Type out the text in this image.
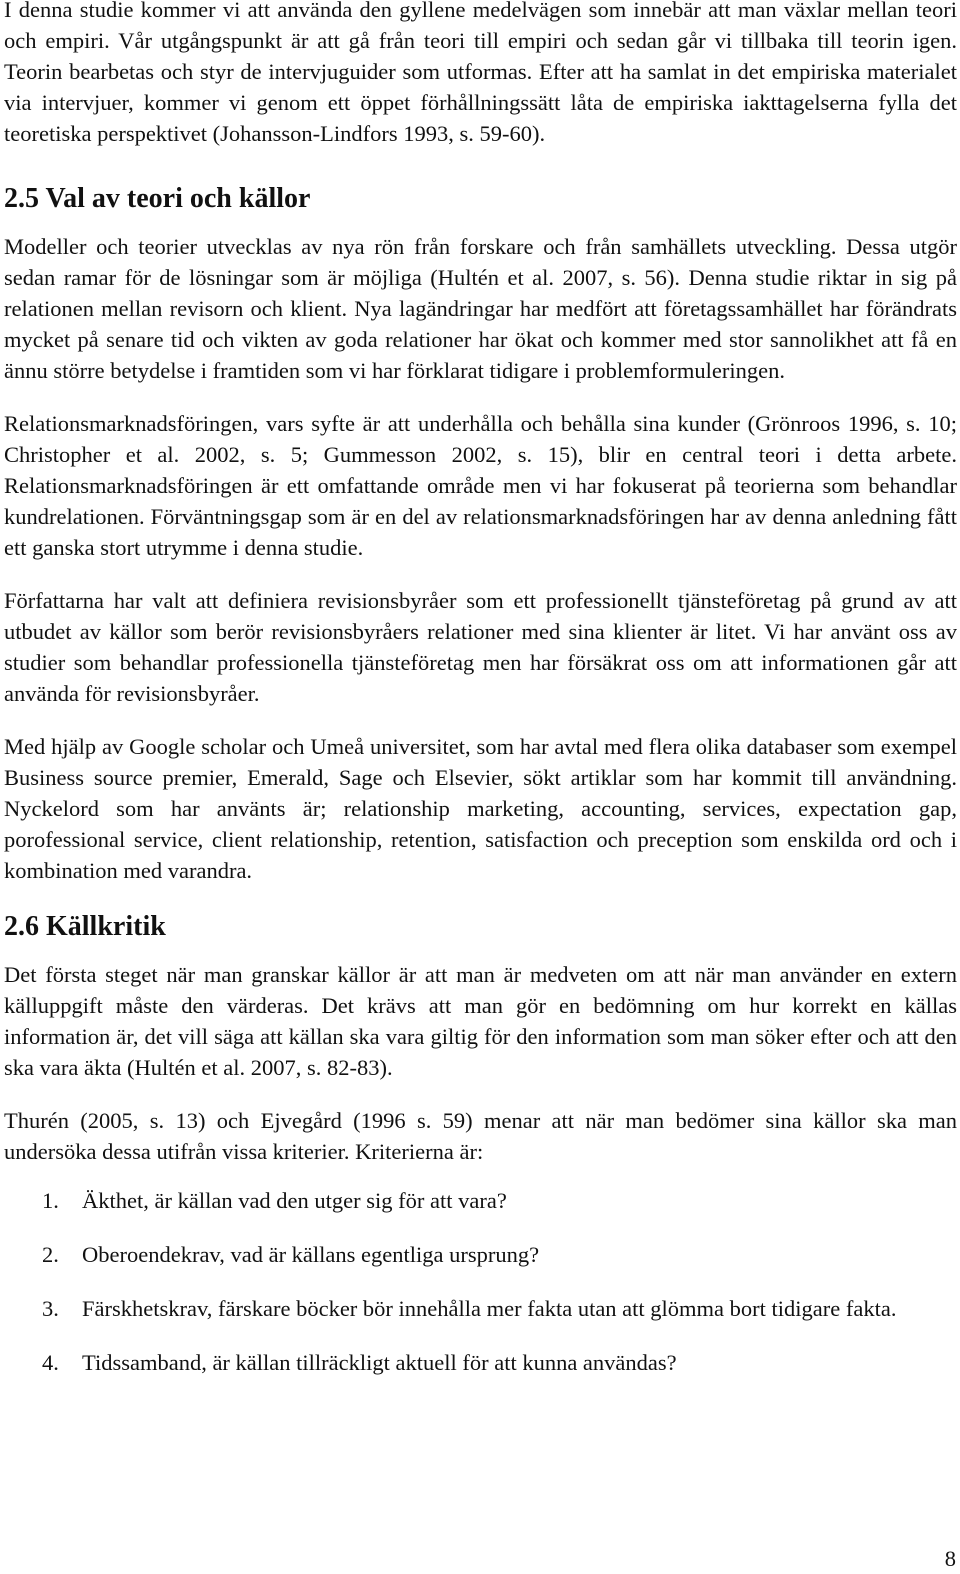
I denna studie kommer vi att använda den gyllene medelvägen som innebär att man växlar mellan teori och empiri. Vår utgångspunkt är att gå från teori till empiri och sedan går vi tillbaka till teorin igen. Teorin bearbetas och styr de intervjuguider som utformas. Efter att ha samlat in det empiriska materialet via intervjuer, kommer vi genom ett öppet förhållningssätt låta de empiriska iakttagelserna fylla det teoretiska perspektivet (Johansson-Lindfors 1993, s. 59-60).

2.5 Val av teori och källor

Modeller och teorier utvecklas av nya rön från forskare och från samhällets utveckling. Dessa utgör sedan ramar för de lösningar som är möjliga (Hultén et al. 2007, s. 56). Denna studie riktar in sig på relationen mellan revisorn och klient. Nya lagändringar har medfört att företagssamhället har förändrats mycket på senare tid och vikten av goda relationer har ökat och kommer med stor sannolikhet att få en ännu större betydelse i framtiden som vi har förklarat tidigare i problemformuleringen.

Relationsmarknadsföringen, vars syfte är att underhålla och behålla sina kunder (Grönroos 1996, s. 10; Christopher et al. 2002, s. 5; Gummesson 2002, s. 15), blir en central teori i detta arbete. Relationsmarknadsföringen är ett omfattande område men vi har fokuserat på teorierna som behandlar kundrelationen. Förväntningsgap som är en del av relationsmarknadsföringen har av denna anledning fått ett ganska stort utrymme i denna studie.

Författarna har valt att definiera revisionsbyråer som ett professionellt tjänsteföretag på grund av att utbudet av källor som berör revisionsbyråers relationer med sina klienter är litet. Vi har använt oss av studier som behandlar professionella tjänsteföretag men har försäkrat oss om att informationen går att använda för revisionsbyråer.

Med hjälp av Google scholar och Umeå universitet, som har avtal med flera olika databaser som exempel Business source premier, Emerald, Sage och Elsevier, sökt artiklar som har kommit till användning. Nyckelord som har använts är; relationship marketing, accounting, services, expectation gap, porofessional service, client relationship, retention, satisfaction och preception som enskilda ord och i kombination med varandra.

2.6 Källkritik

Det första steget när man granskar källor är att man är medveten om att när man använder en extern källuppgift måste den värderas. Det krävs att man gör en bedömning om hur korrekt en källas information är, det vill säga att källan ska vara giltig för den information som man söker efter och att den ska vara äkta (Hultén et al. 2007, s. 82-83).

Thurén (2005, s. 13) och Ejvegård (1996 s. 59) menar att när man bedömer sina källor ska man undersöka dessa utifrån vissa kriterier. Kriterierna är:

1. Äkthet, är källan vad den utger sig för att vara?
2. Oberoendekrav, vad är källans egentliga ursprung?
3. Färskhetskrav, färskare böcker bör innehålla mer fakta utan att glömma bort tidigare fakta.
4. Tidssamband, är källan tillräckligt aktuell för att kunna användas?
8
